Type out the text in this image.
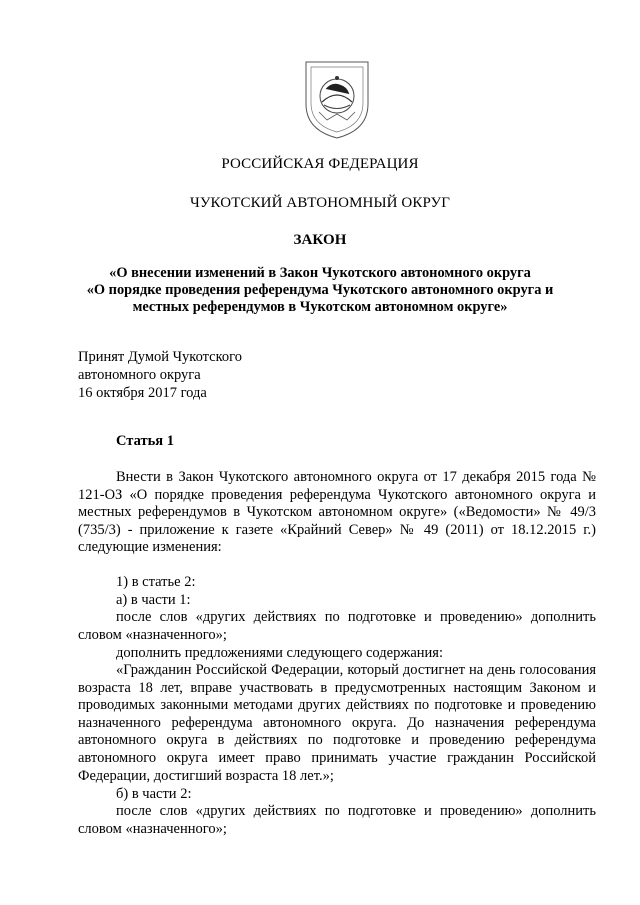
РОССИЙСКАЯ ФЕДЕРАЦИЯ
ЧУКОТСКИЙ АВТОНОМНЫЙ ОКРУГ
ЗАКОН
«О внесении изменений в Закон Чукотского автономного округа
«О порядке проведения референдума Чукотского автономного округа и
местных референдумов в Чукотском автономном округе»
Принят Думой Чукотского
автономного округа
16 октября 2017 года
Статья 1
Внести в Закон Чукотского автономного округа от 17 декабря 2015 года № 121-ОЗ «О порядке проведения референдума Чукотского автономного округа и местных референдумов в Чукотском автономном округе» («Ведомости» № 49/3 (735/3) - приложение к газете «Крайний Север» № 49 (2011) от 18.12.2015 г.) следующие изменения:
1) в статье 2:
а) в части 1:
после слов «других действиях по подготовке и проведению» дополнить словом «назначенного»;
дополнить предложениями следующего содержания:
«Гражданин Российской Федерации, который достигнет на день голосования возраста 18 лет, вправе участвовать в предусмотренных настоящим Законом и проводимых законными методами других действиях по подготовке и проведению назначенного референдума автономного округа. До назначения референдума автономного округа в действиях по подготовке и проведению референдума автономного округа имеет право принимать участие гражданин Российской Федерации, достигший возраста 18 лет.»;
б) в части 2:
после слов «других действиях по подготовке и проведению» дополнить словом «назначенного»;
